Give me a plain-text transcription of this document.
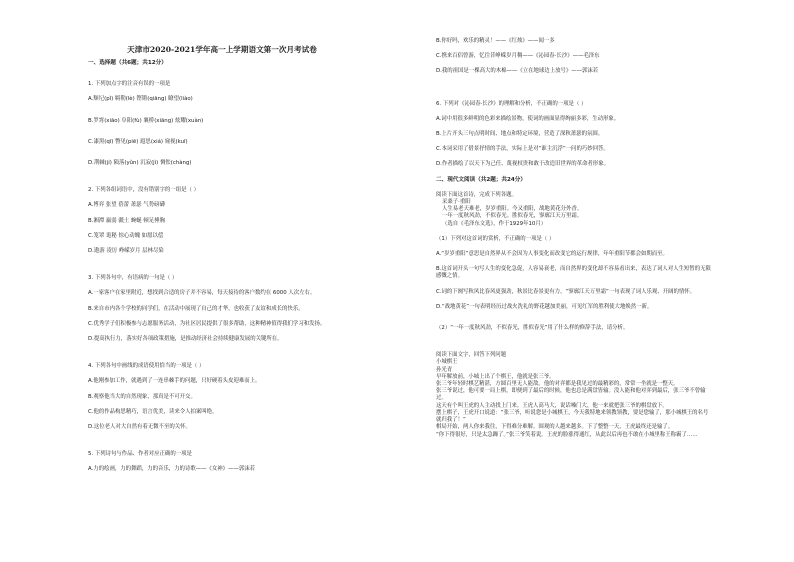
天津市2020-2021学年高一上学期语文第一次月考试卷
一、选择题（共6题；共12分）
1. 下列加点字的注音有误的一项是
A.颓圮(pǐ) 羁勒(lè) 铿锵(qiāng) 瞭望(liào)
B.罗霄(xiāo) 阜阳(fù) 襄桥(xiāng) 炫耀(xuàn)
C.漆黑(qī) 瞥见(piē) 遐思(xiá) 窥视(kuī)
D.荆棘(jí) 陨落(yǔn) 沉寂(jì) 惆怅(chàng)
2. 下列各组词语中，没有错别字的一组是（ ）
A.博弈 张望 蓓蕾 萧瑟 气势磅礴
B.湘潭 羸弱 疆土 蜿蜒 顿足捶胸
C.笼罩 诡秘 惊心动魄 如愿以偿
D.遨游 凌厉 峥嵘岁月 层林尽染
3. 下列各句中，有语病的一句是（ ）
A.一家客户在家里附近，想找到合适的房子并不容易，每天接待的客户数约在 6000 人次左右。
B.来自市内各个学校的同学们，在活动中展现了自己的才华，也收获了友谊和成长的快乐。
C.优秀学子们积极参与志愿服务活动，为社区居民提供了很多帮助，这种精神值得我们学习和发扬。
D.提高执行力，落实好各项政策措施，是推动经济社会持续健康发展的关键所在。
4. 下列各句中画线的成语使用恰当的一项是（ ）
A.他刚参加工作，就遇到了一连串棘手的问题，只好硬着头皮迎难而上。
B.观察他当大的自然现象，那真是不可开交。
C.他的作品构思精巧，语言优美，读来令人拍案叫绝。
D.这位老人对大自然有着无微不至的关怀。
5. 下列诗句与作品、作者对应正确的一项是
A.力的绘画，力的舞蹈，力的音乐，力的诗歌——《女神》——郭沫若
B.你好吗，欢乐的精灵！——《红烛》——闻一多
C.携来百侣曾游，忆往昔峥嵘岁月稠——《沁园春·长沙》——毛泽东
D.我的祖国是一棵高大的木棉——《立在地球边上放号》——郭沫若
6. 下列对《沁园春·长沙》的理解和分析，不正确的一项是（ ）
A.词中用很多鲜明的色彩来描绘景物，使词的画面显得绚丽多彩，生动形象。
B.上片开头三句点明时间、地点和特定环境，营造了深秋萧瑟的氛围。
C.本词采用了借景抒情的手法，实际上是对“谁主沉浮”一问的巧妙回答。
D.作者描绘了以天下为己任、蔑视权贵和敢于改造旧世界的革命者形象。
二、现代文阅读（共2题；共24分）
阅读下面这首诗，完成下列各题。
采桑子·重阳
人生易老天难老，岁岁重阳。今又重阳，战地黄花分外香。
一年一度秋风劲，不似春光。胜似春光，寥廓江天万里霜。
（选自《毛泽东文选》，作于1929年10月）
（1）下列对这首词的赏析，不正确的一项是（ ）
A.“岁岁重阳”意思是自然界从不会因为人事变化而改变它的运行规律，年年重阳节都会如期而至。
B.这首词开头一句写人生的变化急促，人容易衰老，而自然界的变化却不容易看出来，表达了词人对人生短暂的无限感慨之情。
C.词的下阕写秋风比春风更强劲，秋景比春景更有力，“寥廓江天万里霜”一句表现了词人乐观、开阔的情怀。
D.“战地黄花”一句表明经历过战火洗礼的野花越加美丽，可见红军的胜利使大地焕然一新。
（2）“一年一度秋风劲，不似春光，胜似春光”用了什么样的修辞手法，请分析。
阅读下面文字，回答下列问题
小城棋王
孙光青
早年解放前，小城上出了个棋王，他就是张三爷。
张三爷年轻时棋艺精湛，方圆百里无人能敌。他的对弈都是我见过的最精彩的，常常一坐就是一整天。
张三爷说过，他可要一局上棋，即便到了最后的时候，他也总是满盘皆输。没人能和他对弈到最后，张三爷不曾输过。
这天有个叫王虎的人主动找上门来。王虎人高马大，说话嗓门大，他一来就把张三爷的棋盘放下。
摆上棋子，王虎开口说道：“张三爷，听说您是小城棋王，今天我特地来领教领教，要是您输了，那小城棋王的名号就归我了！”
棋局开始，两人你来我往，下得难分难解。围观的人越来越多。下了整整一天，王虎最终还是输了。
“你下得很好，只是太急躁了。”张三爷笑着说。王虎的脸涨得通红，从此以后再也不敢在小城里称王称霸了……
